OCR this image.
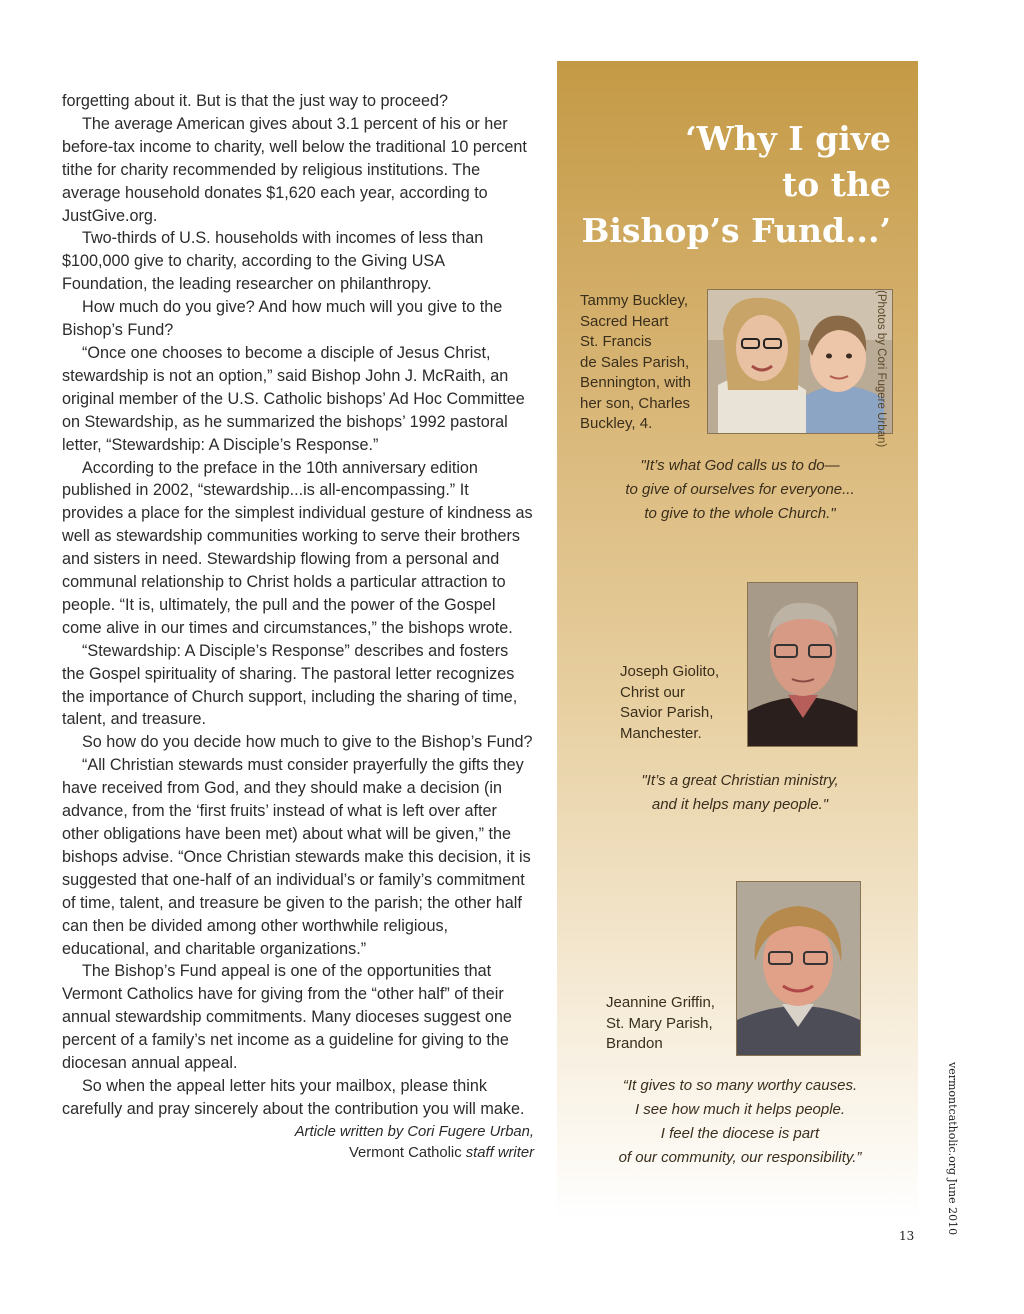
forgetting about it. But is that the just way to proceed?

The average American gives about 3.1 percent of his or her before-tax income to charity, well below the traditional 10 percent tithe for charity recommended by religious institutions. The average household donates $1,620 each year, according to JustGive.org.

Two-thirds of U.S. households with incomes of less than $100,000 give to charity, according to the Giving USA Foundation, the leading researcher on philanthropy.

How much do you give? And how much will you give to the Bishop’s Fund?

“Once one chooses to become a disciple of Jesus Christ, stewardship is not an option,” said Bishop John J. McRaith, an original member of the U.S. Catholic bishops’ Ad Hoc Committee on Stewardship, as he summarized the bishops’ 1992 pastoral letter, “Stewardship: A Disciple’s Response.”

According to the preface in the 10th anniversary edition published in 2002, “stewardship...is all-encompassing.” It provides a place for the simplest individual gesture of kindness as well as stewardship communities working to serve their brothers and sisters in need. Stewardship flowing from a personal and communal relationship to Christ holds a particular attraction to people. “It is, ultimately, the pull and the power of the Gospel come alive in our times and circumstances,” the bishops wrote.

“Stewardship: A Disciple’s Response” describes and fosters the Gospel spirituality of sharing. The pastoral letter recognizes the importance of Church support, including the sharing of time, talent, and treasure.

So how do you decide how much to give to the Bishop’s Fund?

“All Christian stewards must consider prayerfully the gifts they have received from God, and they should make a decision (in advance, from the ‘first fruits’ instead of what is left over after other obligations have been met) about what will be given,” the bishops advise. “Once Christian stewards make this decision, it is suggested that one-half of an individual’s or family’s commitment of time, talent, and treasure be given to the parish; the other half can then be divided among other worthwhile religious, educational, and charitable organizations.”

The Bishop’s Fund appeal is one of the opportunities that Vermont Catholics have for giving from the “other half” of their annual stewardship commitments. Many dioceses suggest one percent of a family’s net income as a guideline for giving to the diocesan annual appeal.

So when the appeal letter hits your mailbox, please think carefully and pray sincerely about the contribution you will make.

Article written by Cori Fugere Urban,
Vermont Catholic staff writer
‘Why I give
to the
Bishop’s Fund...’
(Photos by Cori Fugere Urban)
Tammy Buckley,
Sacred Heart
St. Francis
de Sales Parish,
Bennington, with
her son, Charles
Buckley, 4.
"It’s what God calls us to do—
to give of ourselves for everyone...
to give to the whole Church."
Joseph Giolito,
Christ our
Savior Parish,
Manchester.
"It’s a great Christian ministry,
and it helps many people."
Jeannine Griffin,
St. Mary Parish,
Brandon
“It gives to so many worthy causes.
I see how much it helps people.
I feel the diocese is part
of our community, our responsibility.”	vermontcatholic.org June 2010
13
